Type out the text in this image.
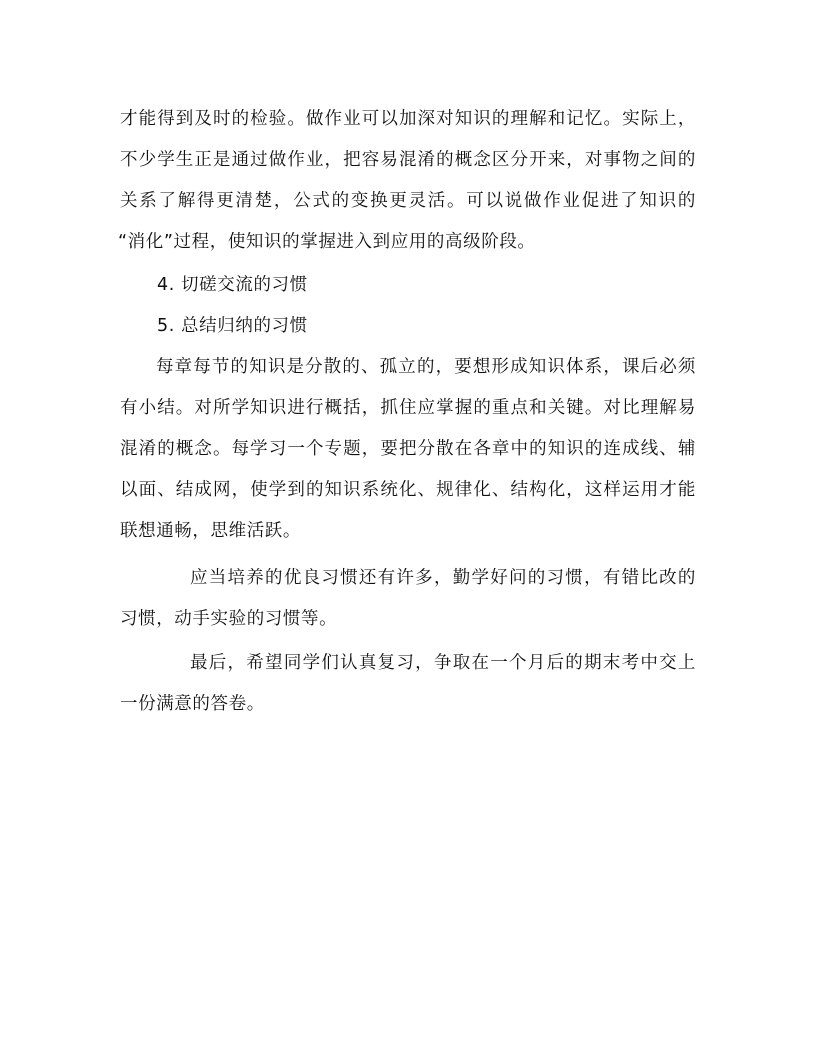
才能得到及时的检验。做作业可以加深对知识的理解和记忆。实际上，
不少学生正是通过做作业，把容易混淆的概念区分开来，对事物之间的
关系了解得更清楚，公式的变换更灵活。可以说做作业促进了知识的
“消化”过程，使知识的掌握进入到应用的高级阶段。
4. 切磋交流的习惯
5. 总结归纳的习惯
每章每节的知识是分散的、孤立的，要想形成知识体系，课后必须
有小结。对所学知识进行概括，抓住应掌握的重点和关键。对比理解易
混淆的概念。每学习一个专题，要把分散在各章中的知识的连成线、辅
以面、结成网，使学到的知识系统化、规律化、结构化，这样运用才能
联想通畅，思维活跃。
应当培养的优良习惯还有许多，勤学好问的习惯，有错比改的
习惯，动手实验的习惯等。
最后，希望同学们认真复习，争取在一个月后的期末考中交上
一份满意的答卷。
